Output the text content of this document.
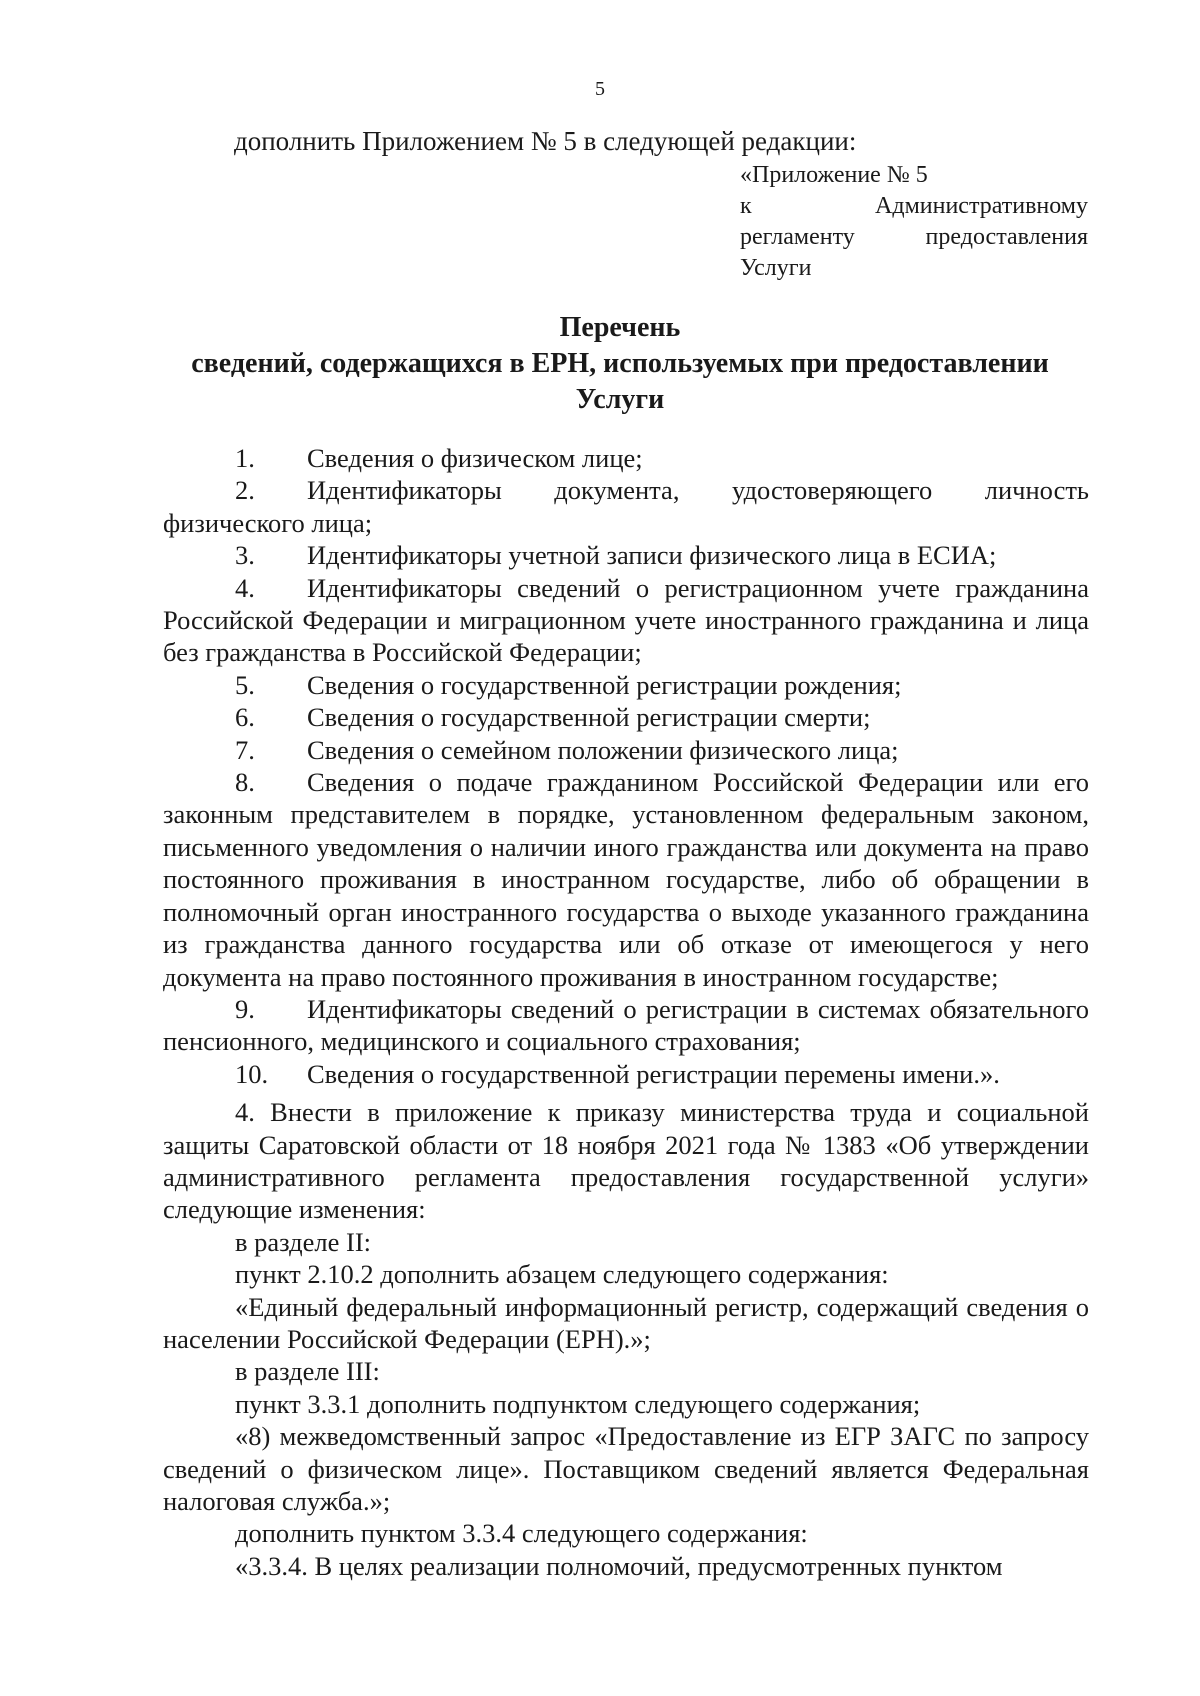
5
дополнить Приложением № 5 в следующей редакции:
«Приложение № 5
к	Административному
регламенту	предоставления
Услуги
Перечень
сведений, содержащихся в ЕРН, используемых при предоставлении
Услуги

1. Сведения о физическом лице;

2. Идентификаторы документа, удостоверяющего личность физического лица;

3. Идентификаторы учетной записи физического лица в ЕСИА;

4. Идентификаторы сведений о регистрационном учете гражданина Российской Федерации и миграционном учете иностранного гражданина и лица без гражданства в Российской Федерации;

5. Сведения о государственной регистрации рождения;

6. Сведения о государственной регистрации смерти;

7. Сведения о семейном положении физического лица;

8. Сведения о подаче гражданином Российской Федерации или его законным представителем в порядке, установленном федеральным законом, письменного уведомления о наличии иного гражданства или документа на право постоянного проживания в иностранном государстве, либо об обращении в полномочный орган иностранного государства о выходе указанного гражданина из гражданства данного государства или об отказе от имеющегося у него документа на право постоянного проживания в иностранном государстве;

9. Идентификаторы сведений о регистрации в системах обязательного пенсионного, медицинского и социального страхования;

10. Сведения о государственной регистрации перемены имени.».

4. Внести в приложение к приказу министерства труда и социальной защиты Саратовской области от 18 ноября 2021 года № 1383 «Об утверждении административного регламента предоставления государственной услуги» следующие изменения:

в разделе II:

пункт 2.10.2 дополнить абзацем следующего содержания:

«Единый федеральный информационный регистр, содержащий сведения о населении Российской Федерации (ЕРН).»;

в разделе III:

пункт 3.3.1 дополнить подпунктом следующего содержания;

«8) межведомственный запрос «Предоставление из ЕГР ЗАГС по запросу сведений о физическом лице». Поставщиком сведений является Федеральная налоговая служба.»;

дополнить пунктом 3.3.4 следующего содержания:

«3.3.4. В целях реализации полномочий, предусмотренных пунктом
